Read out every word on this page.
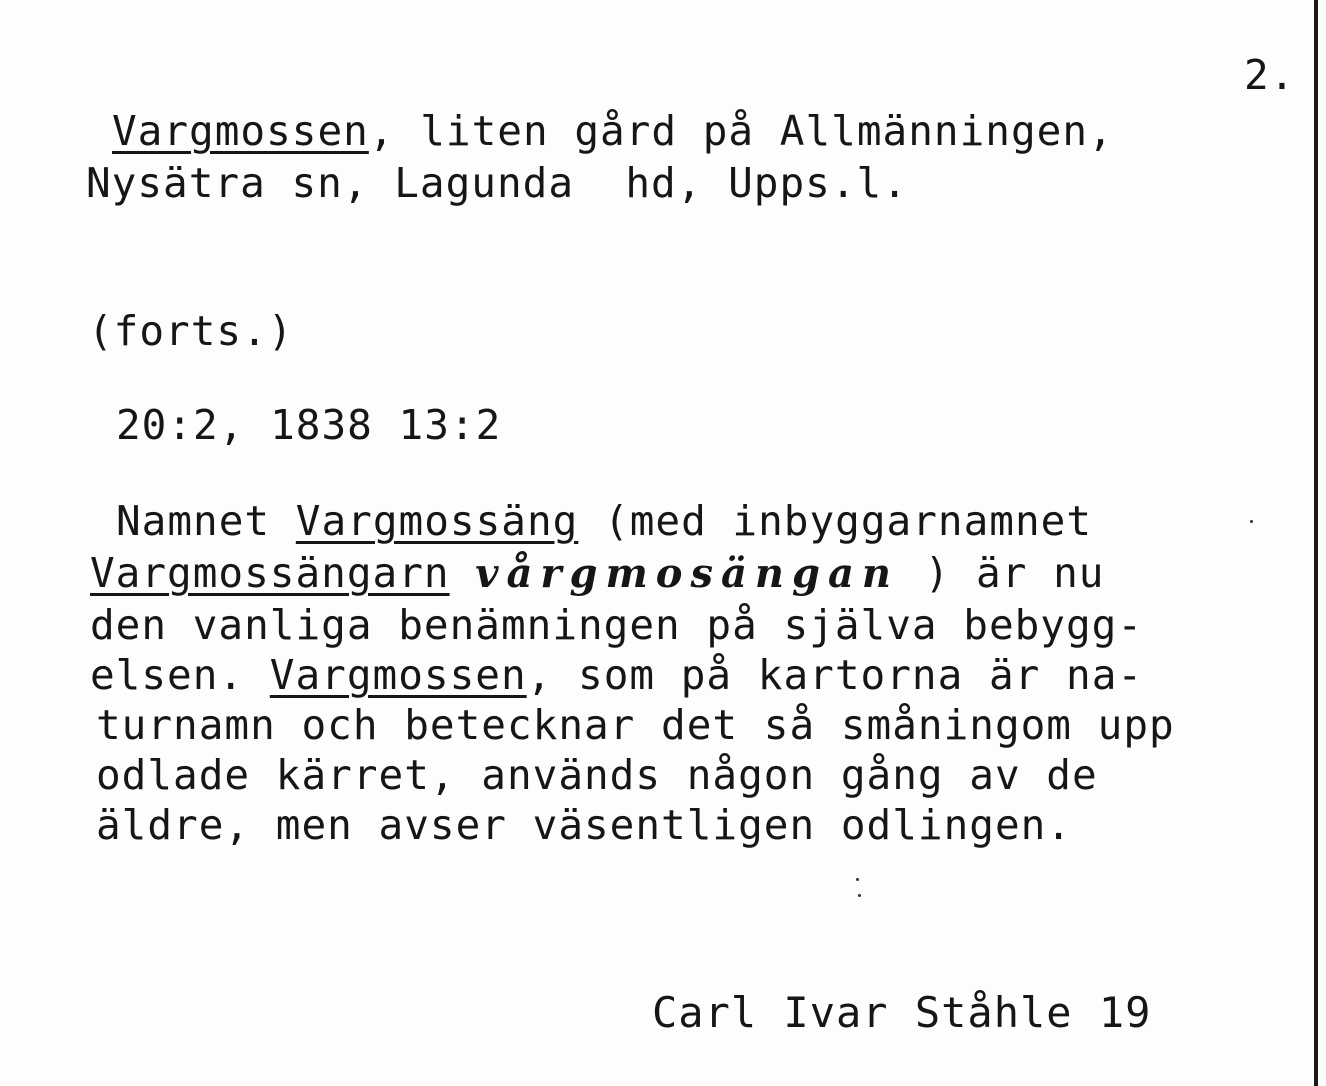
2.
Vargmossen, liten gård på Allmänningen,
Nysätra sn, Lagunda  hd, Upps.l.
(forts.)
20:2, 1838 13:2
Namnet Vargmossäng (med inbyggarnamnet
Vargmossängarn vårgmosängan ) är nu
den vanliga benämningen på själva bebygg-
elsen. Vargmossen, som på kartorna är na-
turnamn och betecknar det så småningom upp
odlade kärret, används någon gång av de
äldre, men avser väsentligen odlingen.
Carl Ivar Ståhle 19
